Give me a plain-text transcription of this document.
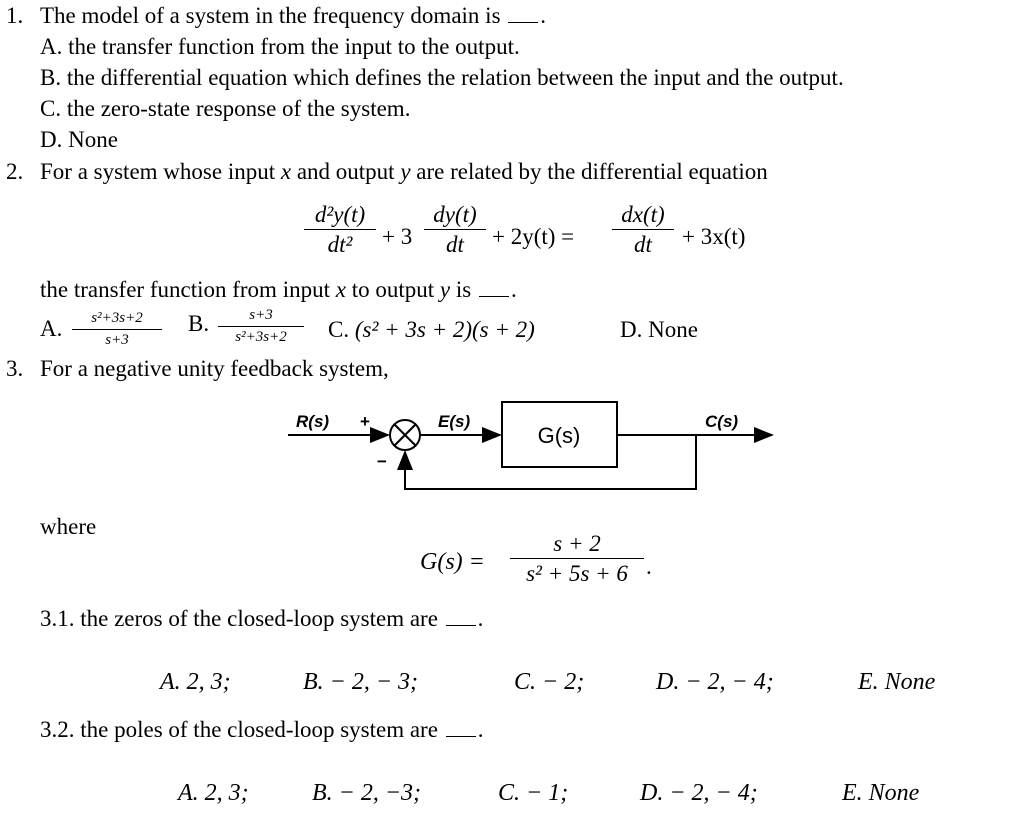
1. The model of a system in the frequency domain is .
A. the transfer function from the input to the output.
B. the differential equation which defines the relation between the input and the output.
C. the zero-state response of the system.
D. None
2. For a system whose input x and output y are related by the differential equation
d²y(t)
dt²	+ 3
dy(t)
dt	+ 2y(t) =
dx(t)
dt	+ 3x(t)
the transfer function from input x to output y is .
A.	s²+3s+2
s+3
B.	s+3
s²+3s+2	C. (s² + 3s + 2)(s + 2)	D. None
3. For a negative unity feedback system,
R(s) +
−
E(s)
G(s)
C(s)
where
G(s) =
s + 2
s² + 5s + 6 .
3.1. the zeros of the closed-loop system are .
A. 2, 3;	B. − 2, − 3;	C. − 2;	D. − 2, − 4;	E. None
3.2. the poles of the closed-loop system are .
A. 2, 3;	B. − 2, −3;	C. − 1;	D. − 2, − 4;	E. None
